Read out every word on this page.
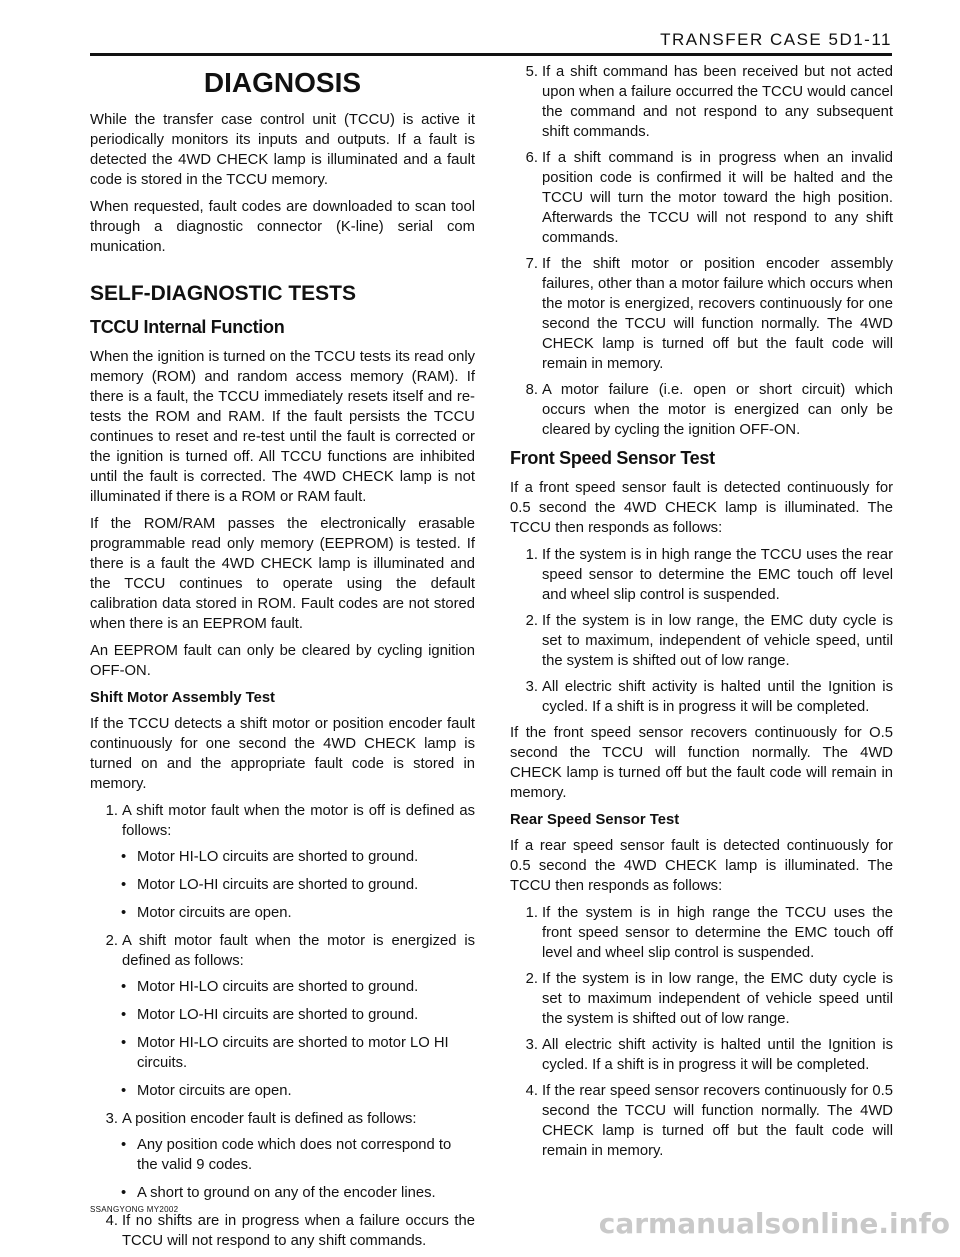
TRANSFER CASE 5D1-11
DIAGNOSIS

While the transfer case control unit (TCCU) is active it periodically monitors its inputs and outputs. If a fault is detected the 4WD CHECK lamp is illuminated and a fault code is stored in the TCCU memory.

When requested, fault codes are downloaded to scan tool through a diagnostic connector (K-line) serial com munication.

SELF-DIAGNOSTIC TESTS
TCCU Internal Function

When the ignition is turned on the TCCU tests its read only memory (ROM) and random access memory (RAM). If there is a fault, the TCCU immediately resets itself and re-tests the ROM and RAM. If the fault persists the TCCU continues to reset and re-test until the fault is corrected or the ignition is turned off. All TCCU functions are inhibited until the fault is corrected. The 4WD CHECK lamp is not illuminated if there is a ROM or RAM fault.

If the ROM/RAM passes the electronically erasable programmable read only memory (EEPROM) is tested. If there is a fault the 4WD CHECK lamp is illuminated and the TCCU continues to operate using the default calibration data stored in ROM. Fault codes are not stored when there is an EEPROM fault.

An EEPROM fault can only be cleared by cycling ignition OFF-ON.

Shift Motor Assembly Test

If the TCCU detects a shift motor or position encoder fault continuously for one second the 4WD CHECK lamp is turned on and the appropriate fault code is stored in memory.

1. A shift motor fault when the motor is off is defined as follows:
• Motor HI-LO circuits are shorted to ground.
• Motor LO-HI circuits are shorted to ground.
• Motor circuits are open.
2. A shift motor fault when the motor is energized is defined as follows:
• Motor HI-LO circuits are shorted to ground.
• Motor LO-HI circuits are shorted to ground.
• Motor HI-LO circuits are shorted to motor LO HI circuits.
• Motor circuits are open.
3. A position encoder fault is defined as follows:
• Any position code which does not correspond to the valid 9 codes.
• A short to ground on any of the encoder lines.
4. If no shifts are in progress when a failure occurs the TCCU will not respond to any shift commands.
5. If a shift command has been received but not acted upon when a failure occurred the TCCU would cancel the command and not respond to any subsequent shift commands.
6. If a shift command is in progress when an invalid position code is confirmed it will be halted and the TCCU will turn the motor toward the high position. Afterwards the TCCU will not respond to any shift commands.
7. If the shift motor or position encoder assembly failures, other than a motor failure which occurs when the motor is energized, recovers continuously for one second the TCCU will function normally. The 4WD CHECK lamp is turned off but the fault code will remain in memory.
8. A motor failure (i.e. open or short circuit) which occurs when the motor is energized can only be cleared by cycling the ignition OFF-ON.
Front Speed Sensor Test

If a front speed sensor fault is detected continuously for 0.5 second the 4WD CHECK lamp is illuminated. The TCCU then responds as follows:

1. If the system is in high range the TCCU uses the rear speed sensor to determine the EMC touch off level and wheel slip control is suspended.
2. If the system is in low range, the EMC duty cycle is set to maximum, independent of vehicle speed, until the system is shifted out of low range.
3. All electric shift activity is halted until the Ignition is cycled. If a shift is in progress it will be completed.

If the front speed sensor recovers continuously for O.5 second the TCCU will function normally. The 4WD CHECK lamp is turned off but the fault code will remain in memory.

Rear Speed Sensor Test

If a rear speed sensor fault is detected continuously for 0.5 second the 4WD CHECK lamp is illuminated. The TCCU then responds as follows:

1. If the system is in high range the TCCU uses the front speed sensor to determine the EMC touch off level and wheel slip control is suspended.
2. If the system is in low range, the EMC duty cycle is set to maximum independent of vehicle speed until the system is shifted out of low range.
3. All electric shift activity is halted until the Ignition is cycled. If a shift is in progress it will be completed.
4. If the rear speed sensor recovers continuously for 0.5 second the TCCU will function normally. The 4WD CHECK lamp is turned off but the fault code will remain in memory.
SSANGYONG MY2002	carmanualsonline.info
